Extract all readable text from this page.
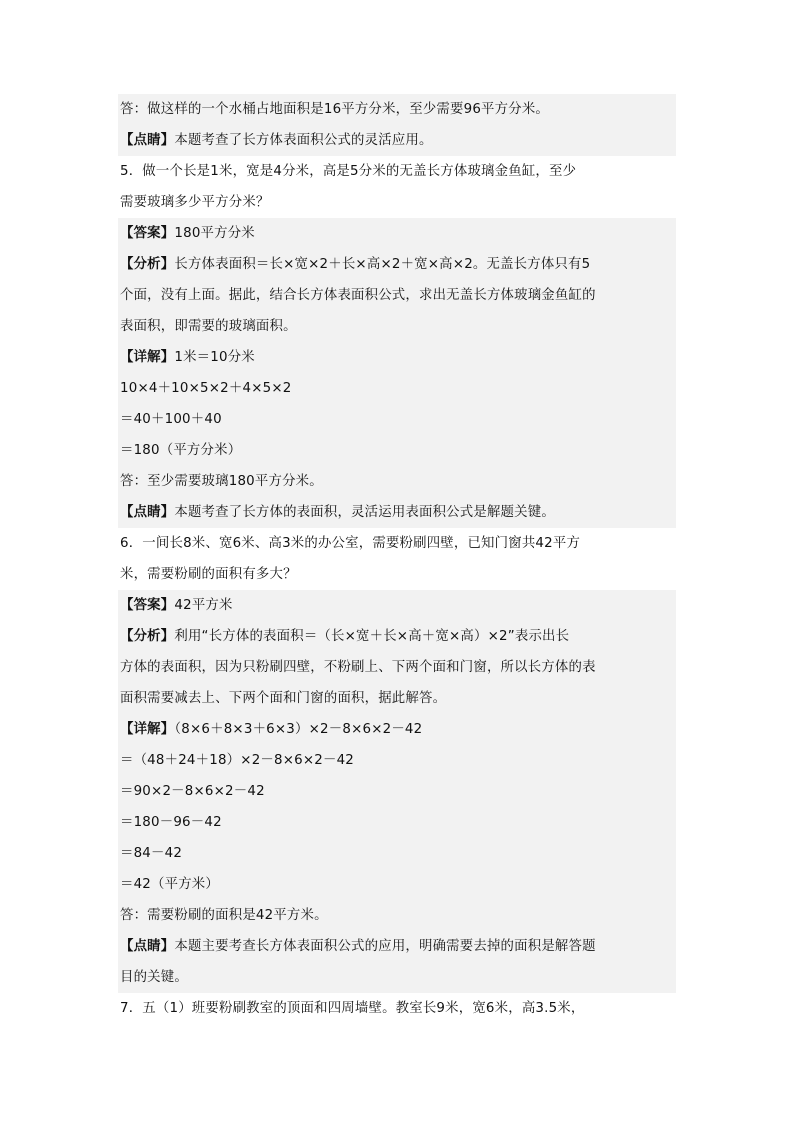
答：做这样的一个水桶占地面积是16平方分米，至少需要96平方分米。
【点睛】本题考查了长方体表面积公式的灵活应用。
5．做一个长是1米，宽是4分米，高是5分米的无盖长方体玻璃金鱼缸，至少
需要玻璃多少平方分米？
【答案】180平方分米
【分析】长方体表面积＝长×宽×2＋长×高×2＋宽×高×2。无盖长方体只有5
个面，没有上面。据此，结合长方体表面积公式，求出无盖长方体玻璃金鱼缸的
表面积，即需要的玻璃面积。
【详解】1米＝10分米
10×4＋10×5×2＋4×5×2
＝40＋100＋40
＝180（平方分米）
答：至少需要玻璃180平方分米。
【点睛】本题考查了长方体的表面积，灵活运用表面积公式是解题关键。
6．一间长8米、宽6米、高3米的办公室，需要粉刷四壁，已知门窗共42平方
米，需要粉刷的面积有多大？
【答案】42平方米
【分析】利用“长方体的表面积＝（长×宽＋长×高＋宽×高）×2”表示出长
方体的表面积，因为只粉刷四壁，不粉刷上、下两个面和门窗，所以长方体的表
面积需要减去上、下两个面和门窗的面积，据此解答。
【详解】（8×6＋8×3＋6×3）×2－8×6×2－42
＝（48＋24＋18）×2－8×6×2－42
＝90×2－8×6×2－42
＝180－96－42
＝84－42
＝42（平方米）
答：需要粉刷的面积是42平方米。
【点睛】本题主要考查长方体表面积公式的应用，明确需要去掉的面积是解答题
目的关键。
7．五（1）班要粉刷教室的顶面和四周墙壁。教室长9米，宽6米，高3.5米，
